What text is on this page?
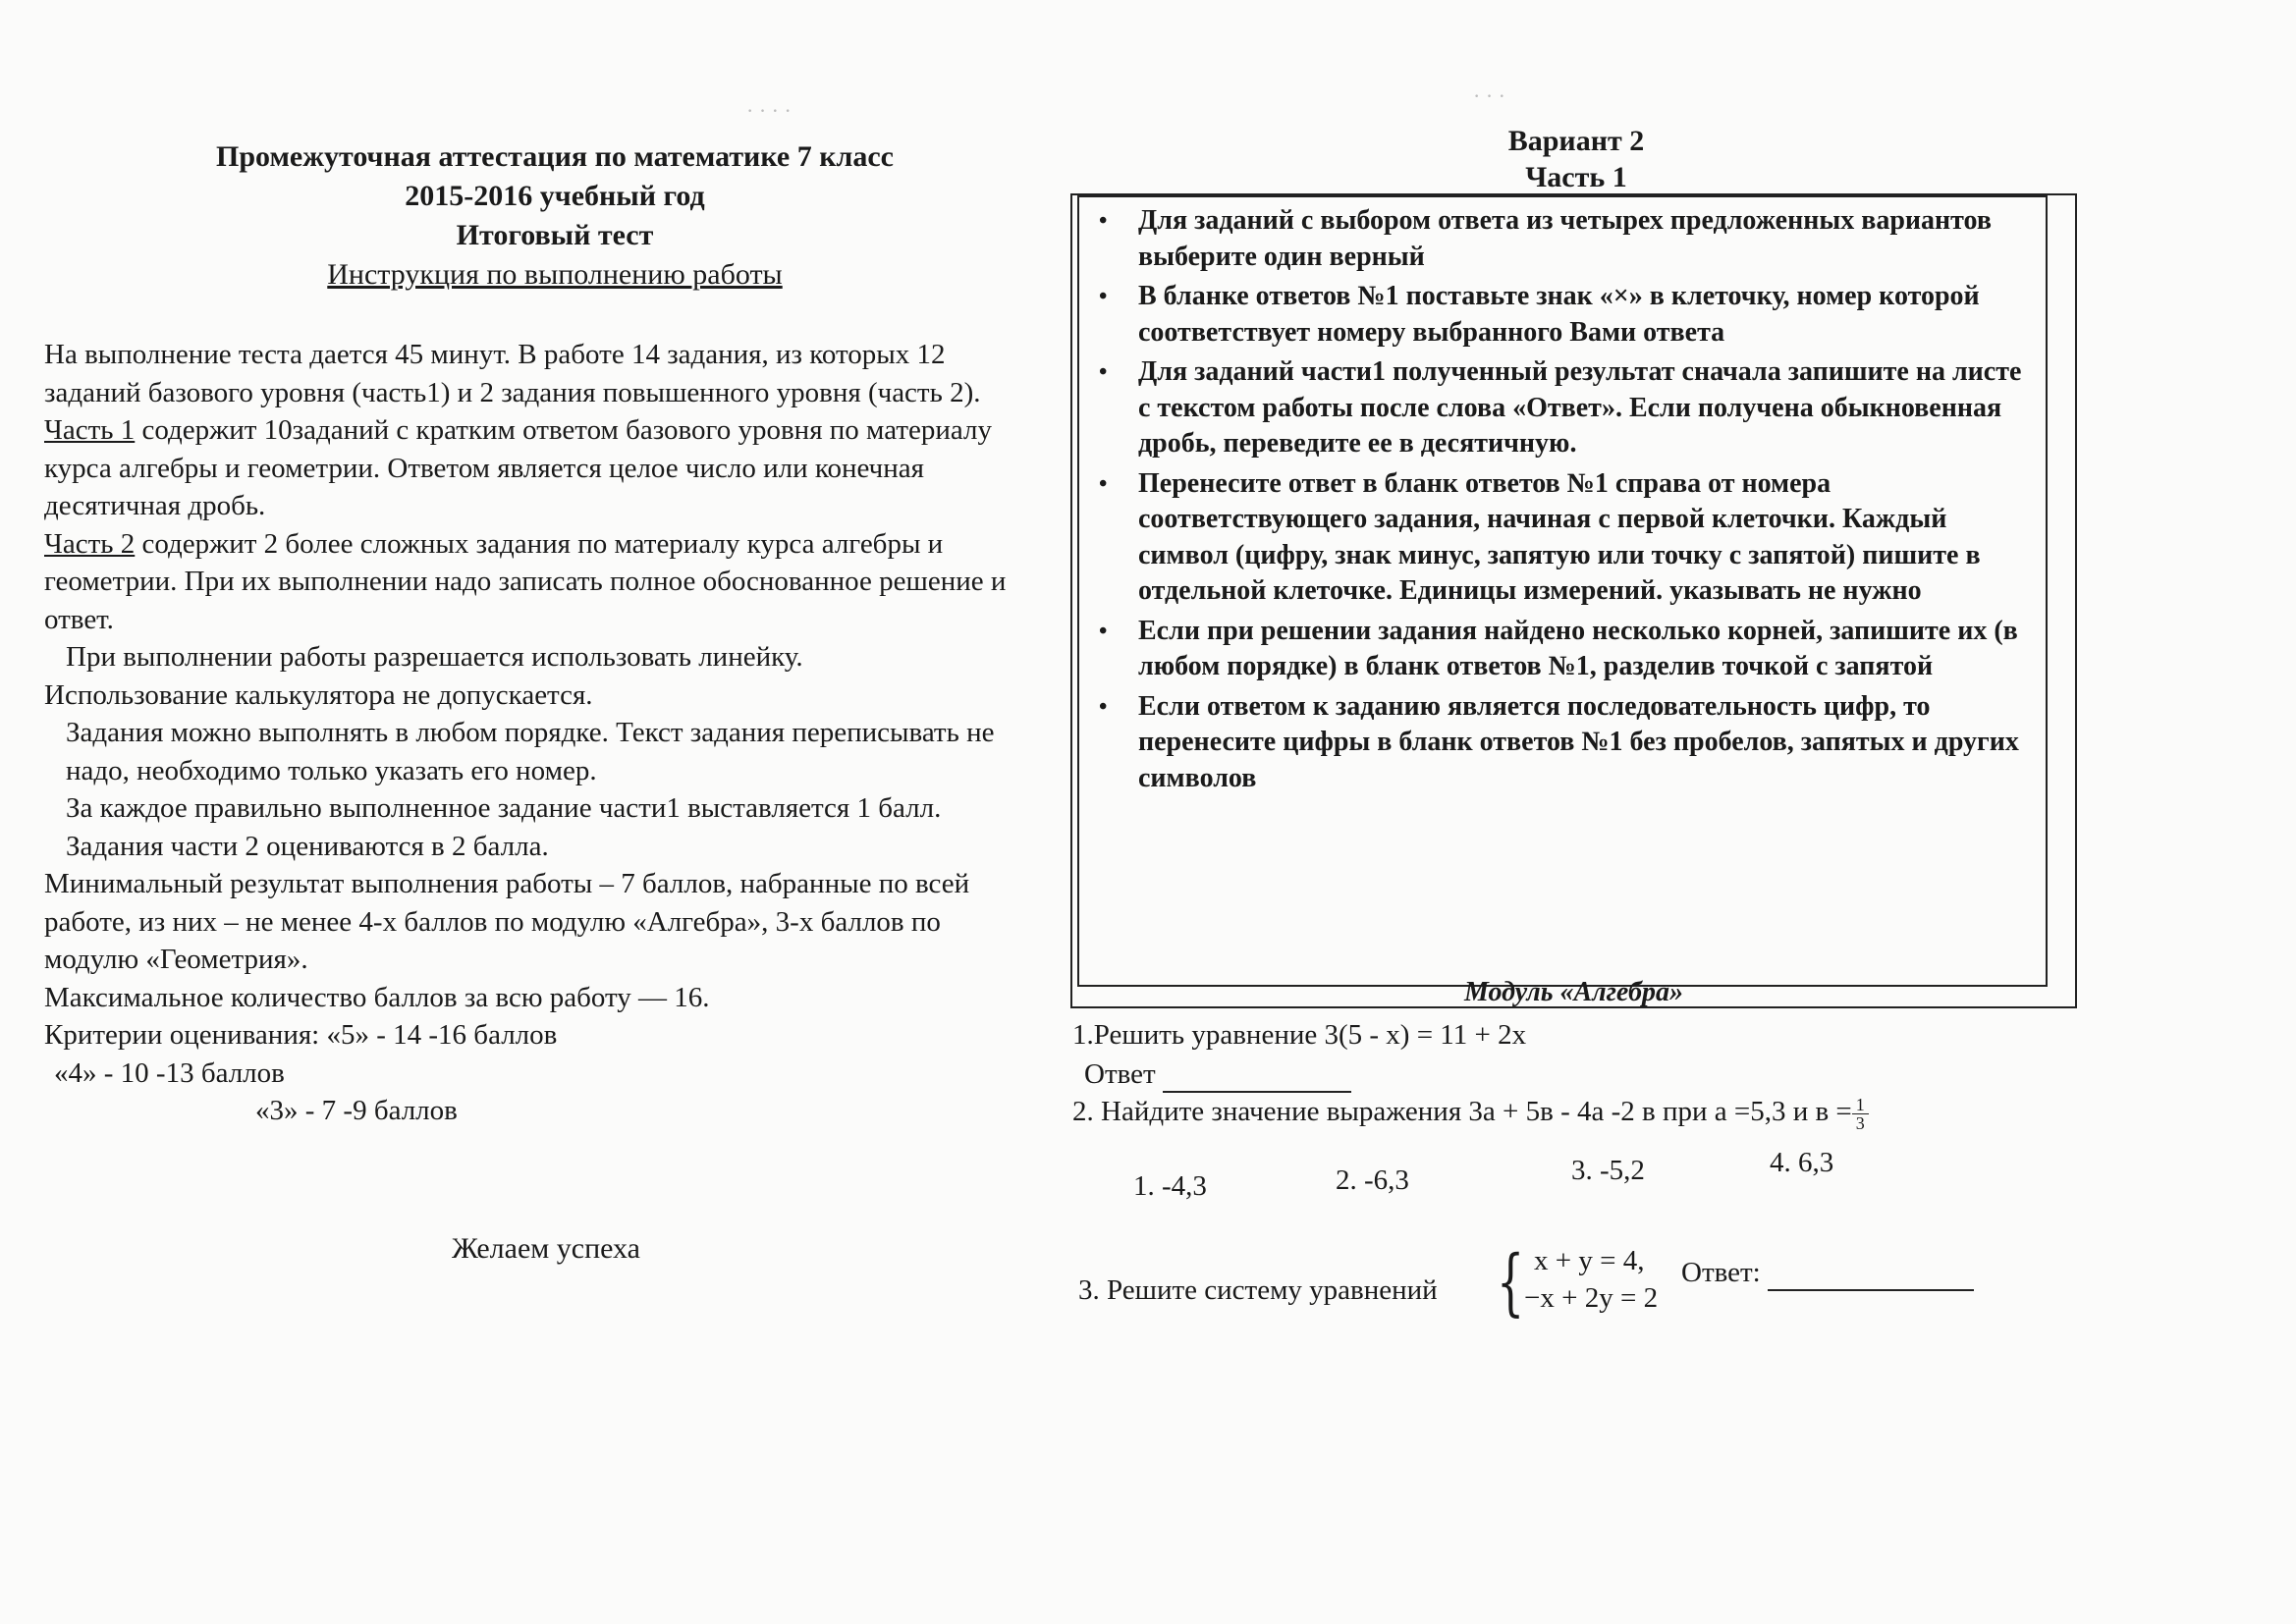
· · · ·
· · ·
Промежуточная аттестация по математике 7 класс
2015-2016 учебный год
Итоговый тест
Инструкция по выполнению работы

На выполнение теста дается 45 минут. В работе 14 задания, из которых 12 заданий базового уровня (часть1) и 2 задания повышенного уровня (часть 2).

Часть 1 содержит 10заданий с кратким ответом базового уровня по материалу курса алгебры и геометрии. Ответом является целое число или конечная десятичная дробь.

Часть 2 содержит 2 более сложных задания по материалу курса алгебры и геометрии. При их выполнении надо записать полное обоснованное решение и ответ.

При выполнении работы разрешается использовать линейку.

Использование калькулятора не допускается.

Задания можно выполнять в любом порядке. Текст задания переписывать не надо, необходимо только указать его номер.

За каждое правильно выполненное задание части1 выставляется 1 балл. Задания части 2 оцениваются в 2 балла.

Минимальный результат выполнения работы – 7 баллов, набранные по всей работе, из них – не менее 4-х баллов по модулю «Алгебра», 3-х баллов по модулю «Геометрия».

Максимальное количество баллов за всю работу — 16.

Критерии оценивания: «5» - 14 -16 баллов

«4» - 10 -13 баллов

«3» - 7 -9 баллов

Желаем успеха
Вариант 2
Часть 1
• Для заданий с выбором ответа из четырех предложенных вариантов выберите один верный
• В бланке ответов №1 поставьте знак «×» в клеточку, номер которой соответствует номеру выбранного Вами ответа
• Для заданий части1 полученный результат сначала запишите на листе с текстом работы после слова «Ответ». Если получена обыкновенная дробь, переведите ее в десятичную.
• Перенесите ответ в бланк ответов №1 справа от номера соответствующего задания, начиная с первой клеточки. Каждый символ (цифру, знак минус, запятую или точку с запятой) пишите в отдельной клеточке. Единицы измерений. указывать не нужно
• Если при решении задания найдено несколько корней, запишите их (в любом порядке) в бланк ответов №1, разделив точкой с запятой
• Если ответом к заданию является последовательность цифр, то перенесите цифры в бланк ответов №1 без пробелов, запятых и других символов
Модуль «Алгебра»

1.Решить уравнение 3(5 - x) = 11 + 2x

Ответ

2. Найдите значение выражения 3а + 5в - 4а -2 в при а =5,3 и $в = \frac{1}{3}$

1. -4,3	2. -6,3	3. -5,2	4. 6,3
3. Решите систему уравнений { x + y = 4,
−x + 2y = 2
Ответ:
